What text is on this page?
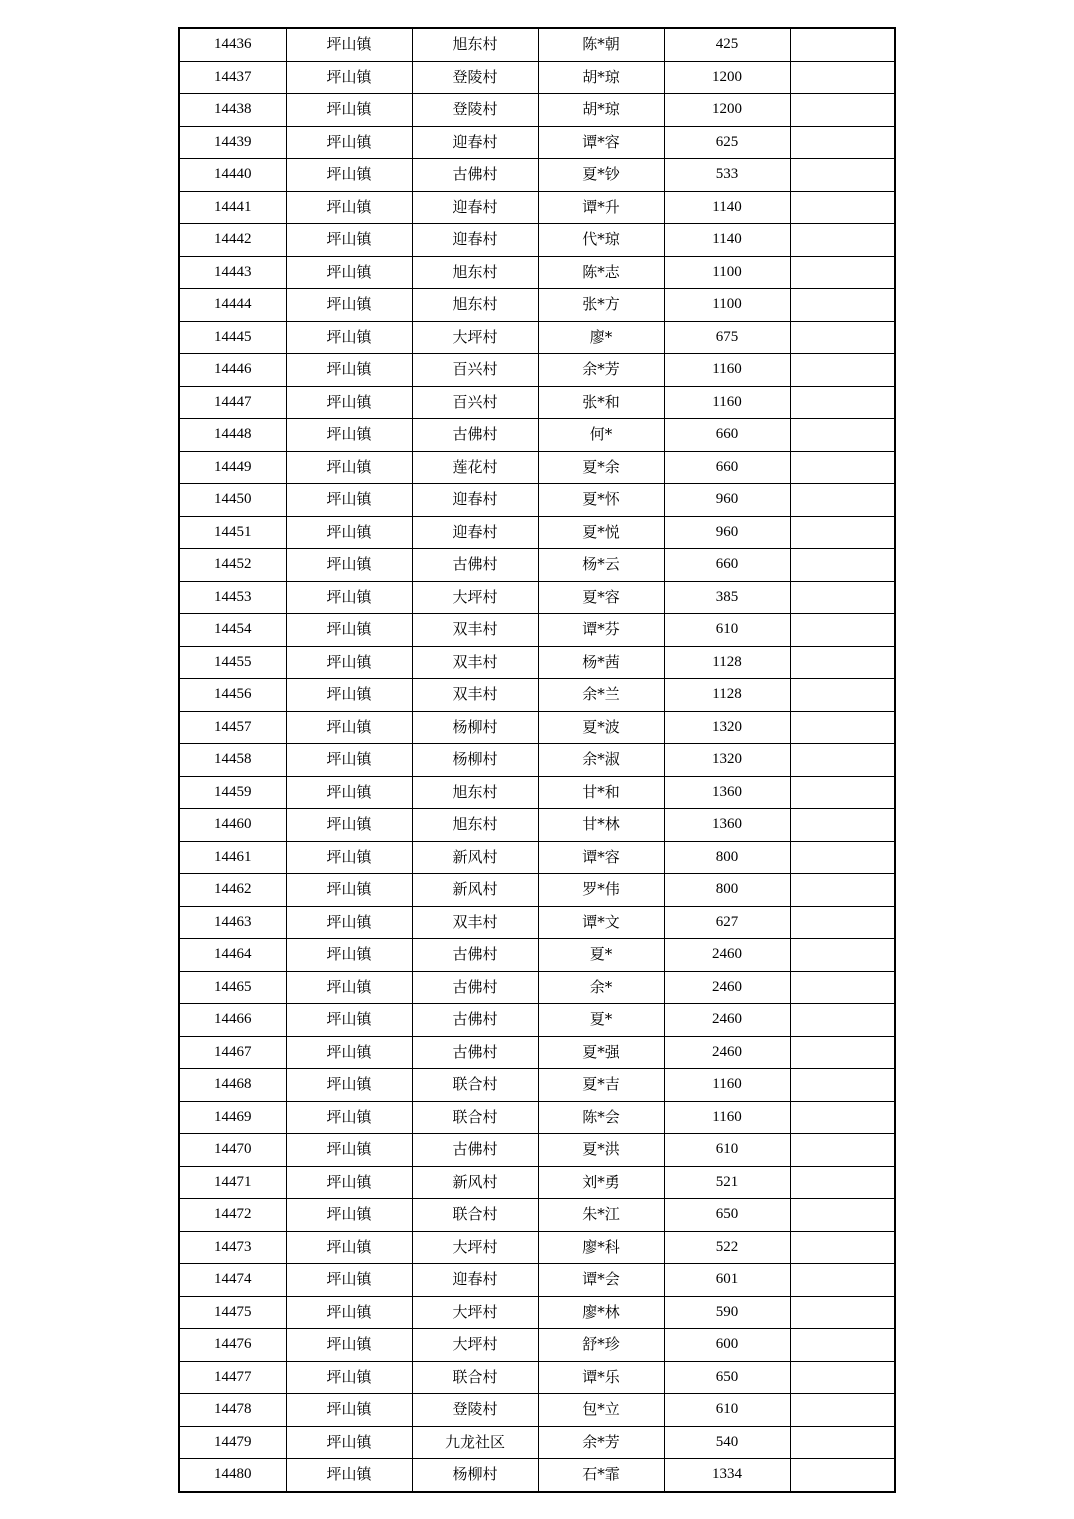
14436	坪山镇	旭东村	陈*朝	425	
14437	坪山镇	登陵村	胡*琼	1200	
14438	坪山镇	登陵村	胡*琼	1200	
14439	坪山镇	迎春村	谭*容	625	
14440	坪山镇	古佛村	夏*钞	533	
14441	坪山镇	迎春村	谭*升	1140	
14442	坪山镇	迎春村	代*琼	1140	
14443	坪山镇	旭东村	陈*志	1100	
14444	坪山镇	旭东村	张*方	1100	
14445	坪山镇	大坪村	廖*	675	
14446	坪山镇	百兴村	余*芳	1160	
14447	坪山镇	百兴村	张*和	1160	
14448	坪山镇	古佛村	何*	660	
14449	坪山镇	莲花村	夏*余	660	
14450	坪山镇	迎春村	夏*怀	960	
14451	坪山镇	迎春村	夏*悦	960	
14452	坪山镇	古佛村	杨*云	660	
14453	坪山镇	大坪村	夏*容	385	
14454	坪山镇	双丰村	谭*芬	610	
14455	坪山镇	双丰村	杨*茜	1128	
14456	坪山镇	双丰村	余*兰	1128	
14457	坪山镇	杨柳村	夏*波	1320	
14458	坪山镇	杨柳村	余*淑	1320	
14459	坪山镇	旭东村	甘*和	1360	
14460	坪山镇	旭东村	甘*林	1360	
14461	坪山镇	新风村	谭*容	800	
14462	坪山镇	新风村	罗*伟	800	
14463	坪山镇	双丰村	谭*文	627	
14464	坪山镇	古佛村	夏*	2460	
14465	坪山镇	古佛村	余*	2460	
14466	坪山镇	古佛村	夏*	2460	
14467	坪山镇	古佛村	夏*强	2460	
14468	坪山镇	联合村	夏*吉	1160	
14469	坪山镇	联合村	陈*会	1160	
14470	坪山镇	古佛村	夏*洪	610	
14471	坪山镇	新风村	刘*勇	521	
14472	坪山镇	联合村	朱*江	650	
14473	坪山镇	大坪村	廖*科	522	
14474	坪山镇	迎春村	谭*会	601	
14475	坪山镇	大坪村	廖*林	590	
14476	坪山镇	大坪村	舒*珍	600	
14477	坪山镇	联合村	谭*乐	650	
14478	坪山镇	登陵村	包*立	610	
14479	坪山镇	九龙社区	余*芳	540	
14480	坪山镇	杨柳村	石*霏	1334	
